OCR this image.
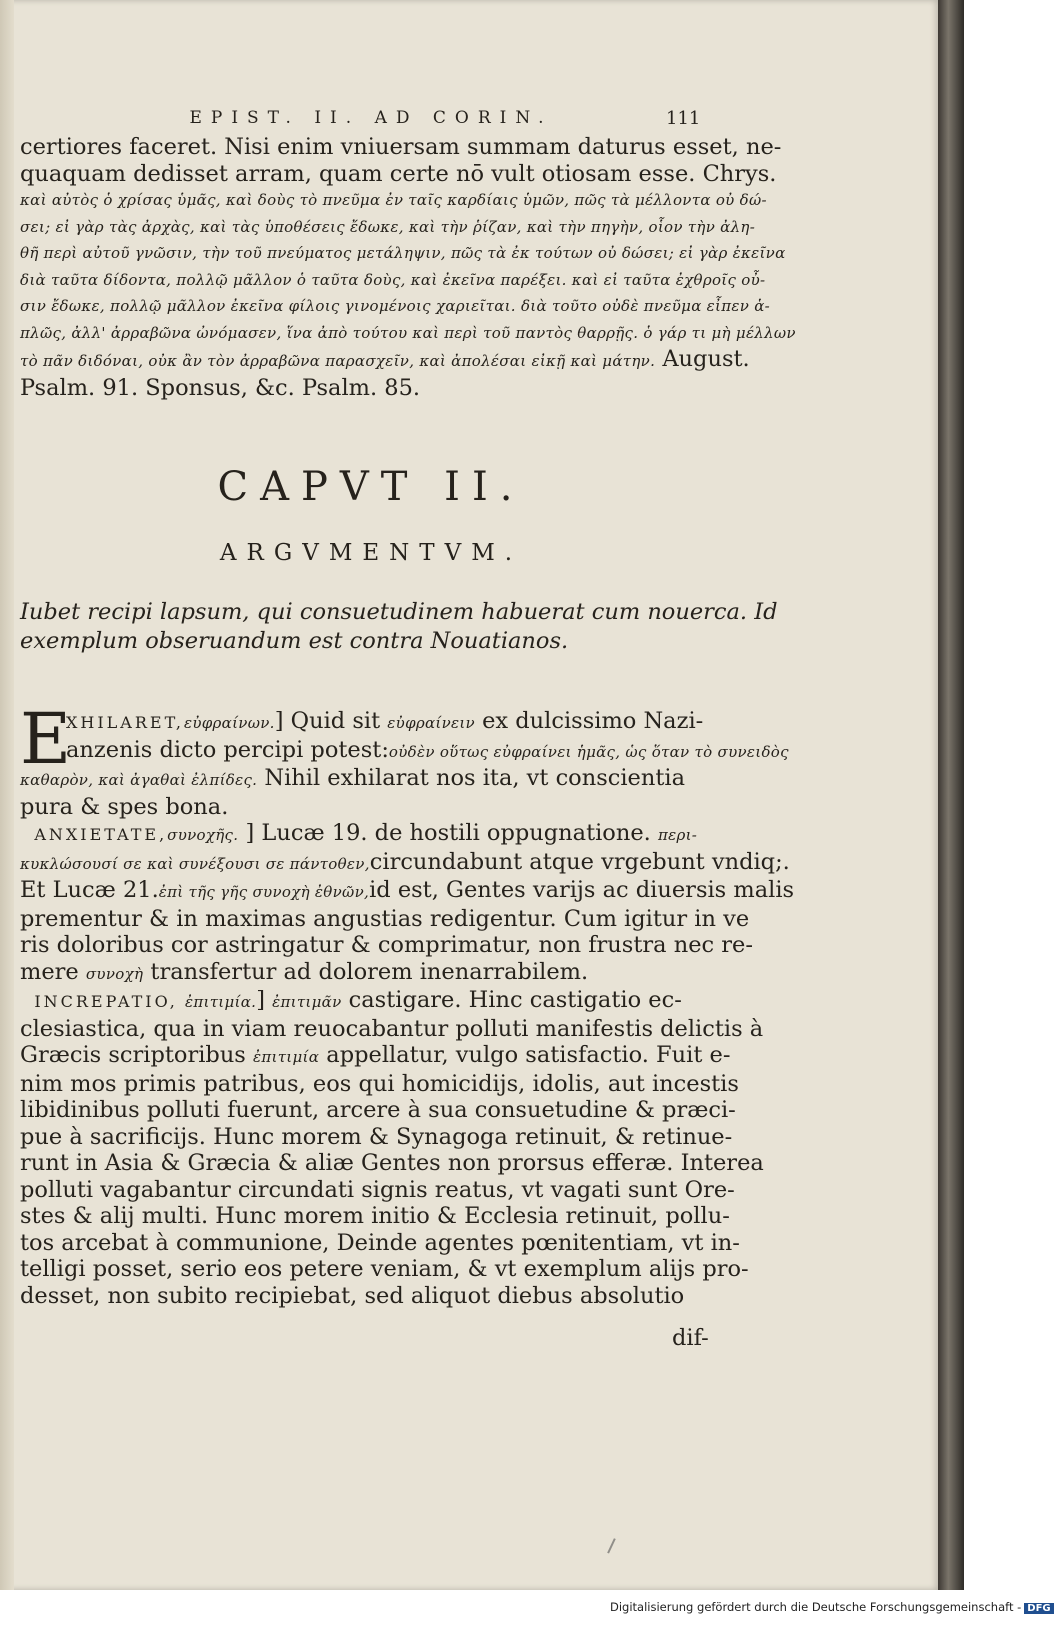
EPIST. II. AD CORIN.	111
certiores faceret. Nisi enim vniuersam summam daturus esset, ne-
quaquam dedisset arram, quam certe nō vult otiosam esse. Chrys.
καὶ αὐτὸς ὁ χρίσας ὑμᾶς, καὶ δοὺς τὸ πνεῦμα ἐν ταῖς καρδίαις ὑμῶν, πῶς τὰ μέλλοντα οὐ δώ-
σει; εἰ γὰρ τὰς ἀρχὰς, καὶ τὰς ὑποθέσεις ἔδωκε, καὶ τὴν ῥίζαν, καὶ τὴν πηγὴν, οἷον τὴν ἀλη-
θῆ περὶ αὐτοῦ γνῶσιν, τὴν τοῦ πνεύματος μετάληψιν, πῶς τὰ ἐκ τούτων οὐ δώσει; εἰ γὰρ ἐκεῖνα
διὰ ταῦτα δίδοντα, πολλῷ μᾶλλον ὁ ταῦτα δοὺς, καὶ ἐκεῖνα παρέξει. καὶ εἰ ταῦτα ἐχθροῖς οὖ-
σιν ἔδωκε, πολλῷ μᾶλλον ἐκεῖνα φίλοις γινομένοις χαριεῖται. διὰ τοῦτο οὐδὲ πνεῦμα εἶπεν ἁ-
πλῶς, ἀλλ' ἀρραβῶνα ὠνόμασεν, ἵνα ἀπὸ τούτου καὶ περὶ τοῦ παντὸς θαρρῇς. ὁ γάρ τι μὴ μέλλων
τὸ πᾶν διδόναι, οὐκ ἂν τὸν ἀρραβῶνα παρασχεῖν, καὶ ἀπολέσαι εἰκῇ καὶ μάτην. August.
Psalm. 91. Sponsus, &c. Psalm. 85.
CAPVT II.
ARGVMENTVM.
Iubet recipi lapsum, qui consuetudinem habuerat cum nouerca. Id
exemplum obseruandum est contra Nouatianos.
E
XHILARET,εὐφραίνων.] Quid sit εὐφραίνειν ex dulcissimo Nazi-
anzenis dicto percipi potest:οὐδὲν οὕτως εὐφραίνει ἡμᾶς, ὡς ὅταν τὸ συνειδὸς
καθαρὸν, καὶ ἀγαθαὶ ἐλπίδες. Nihil exhilarat nos ita, vt conscientia
pura & spes bona.
ANXIETATE,συνοχῆς. ] Lucæ 19. de hostili oppugnatione. περι-
κυκλώσουσί σε καὶ συνέξουσι σε πάντοθεν,circundabunt atque vrgebunt vndiq;.
Et Lucæ 21.ἐπὶ τῆς γῆς συνοχὴ ἐθνῶν,id est, Gentes varijs ac diuersis malis
prementur & in maximas angustias redigentur. Cum igitur in ve
ris doloribus cor astringatur & comprimatur, non frustra nec re-
mere συνοχὴ transfertur ad dolorem inenarrabilem.
INCREPATIO, ἐπιτιμία.] ἐπιτιμᾶν castigare. Hinc castigatio ec-
clesiastica, qua in viam reuocabantur polluti manifestis delictis à
Græcis scriptoribus ἐπιτιμία appellatur, vulgo satisfactio. Fuit e-
nim mos primis patribus, eos qui homicidijs, idolis, aut incestis
libidinibus polluti fuerunt, arcere à sua consuetudine & præci-
pue à sacrificijs. Hunc morem & Synagoga retinuit, & retinue-
runt in Asia & Græcia & aliæ Gentes non prorsus efferæ. Interea
polluti vagabantur circundati signis reatus, vt vagati sunt Ore-
stes & alij multi. Hunc morem initio & Ecclesia retinuit, pollu-
tos arcebat à communione, Deinde agentes pœnitentiam, vt in-
telligi posset, serio eos petere veniam, & vt exemplum alijs pro-
desset, non subito recipiebat, sed aliquot diebus absolutio
dif-
Digitalisierung gefördert durch die Deutsche Forschungsgemeinschaft - DFG
